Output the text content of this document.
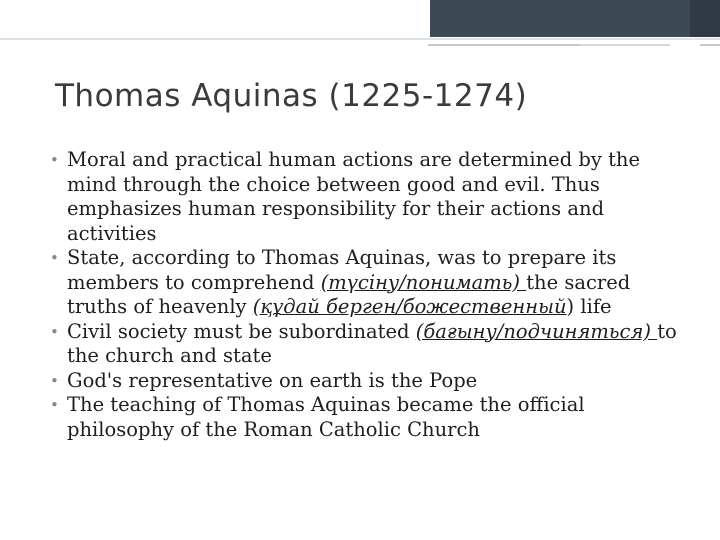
Thomas Aquinas (1225-1274)
• Moral and practical human actions are determined by the mind through the choice between good and evil. Thus emphasizes human responsibility for their actions and activities
• State, according to Thomas Aquinas, was to prepare its members to comprehend (түсіну/понимать) the sacred truths of heavenly (құдай берген/божественный) life
• Civil society must be subordinated (бағыну/подчиняться) to the church and state
• God's representative on earth is the Pope
• The teaching of Thomas Aquinas became the official philosophy of the Roman Catholic Church
